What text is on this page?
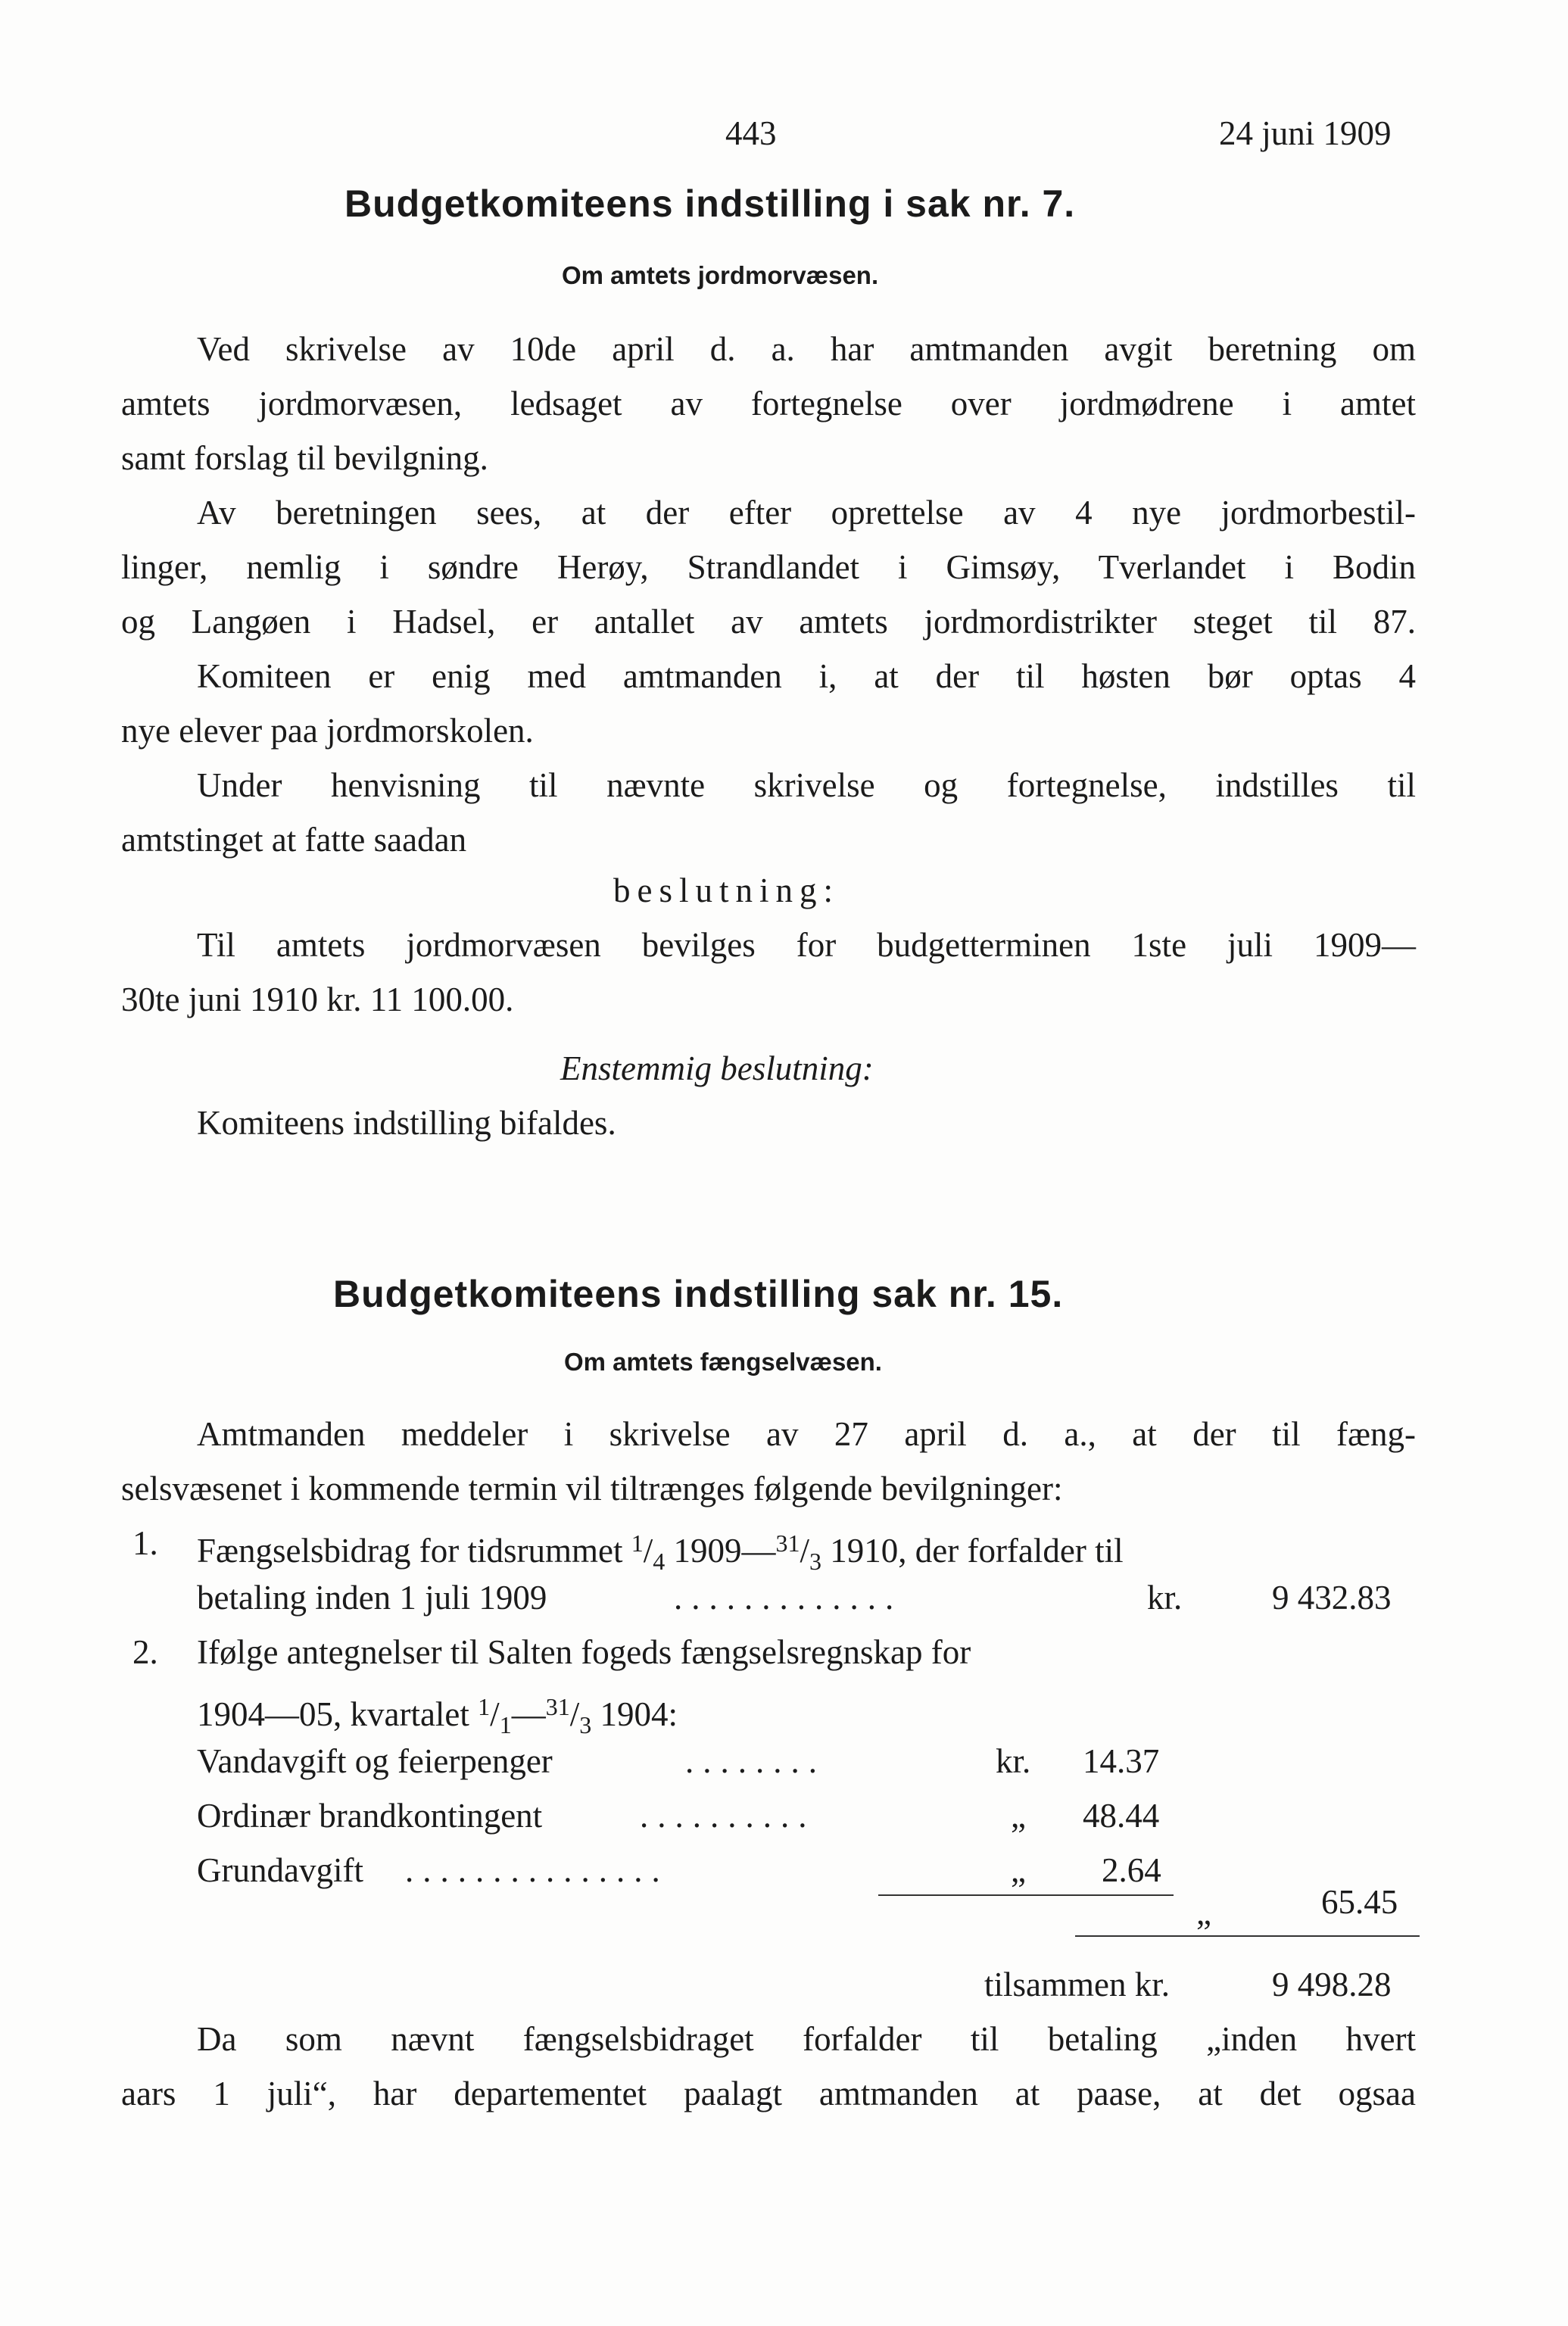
443	24 juni 1909
Budgetkomiteens indstilling i sak nr. 7.
Om amtets jordmorvæsen.
Ved skrivelse av 10de april d. a. har amtmanden avgit beretning om
amtets jordmorvæsen, ledsaget av fortegnelse over jordmødrene i amtet
samt forslag til bevilgning.
Av beretningen sees, at der efter oprettelse av 4 nye jordmorbestil-
linger, nemlig i søndre Herøy, Strandlandet i Gimsøy, Tverlandet i Bodin
og Langøen i Hadsel, er antallet av amtets jordmordistrikter steget til 87.
Komiteen er enig med amtmanden i, at der til høsten bør optas 4
nye elever paa jordmorskolen.
Under henvisning til nævnte skrivelse og fortegnelse, indstilles til
amtstinget at fatte saadan
beslutning:
Til amtets jordmorvæsen bevilges for budgetterminen 1ste juli 1909—
30te juni 1910 kr. 11 100.00.
Enstemmig beslutning:
Komiteens indstilling bifaldes.
Budgetkomiteens indstilling sak nr. 15.
Om amtets fængselvæsen.
Amtmanden meddeler i skrivelse av 27 april d. a., at der til fæng-
selsvæsenet i kommende termin vil tiltrænges følgende bevilgninger:
1. Fængselsbidrag for tidsrummet $^1/_4$ $1909—^{31}/_3$ 1910, der forfalder til
betaling inden 1 juli 1909	.............	kr.	9 432.83
2. Ifølge antegnelser til Salten fogeds fængselsregnskap for
1904—05, kvartalet $^1/_1—^{31}/_3$ 1904:
Vandavgift og feierpenger	........	kr. 14.37
Ordinær brandkontingent	..........	„ 48.44
Grundavgift ...............	„ 2.64
„	65.45
tilsammen kr.	9 498.28
Da som nævnt fængselsbidraget forfalder til betaling „inden hvert
aars 1 juli“, har departementet paalagt amtmanden at paase, at det ogsaa
